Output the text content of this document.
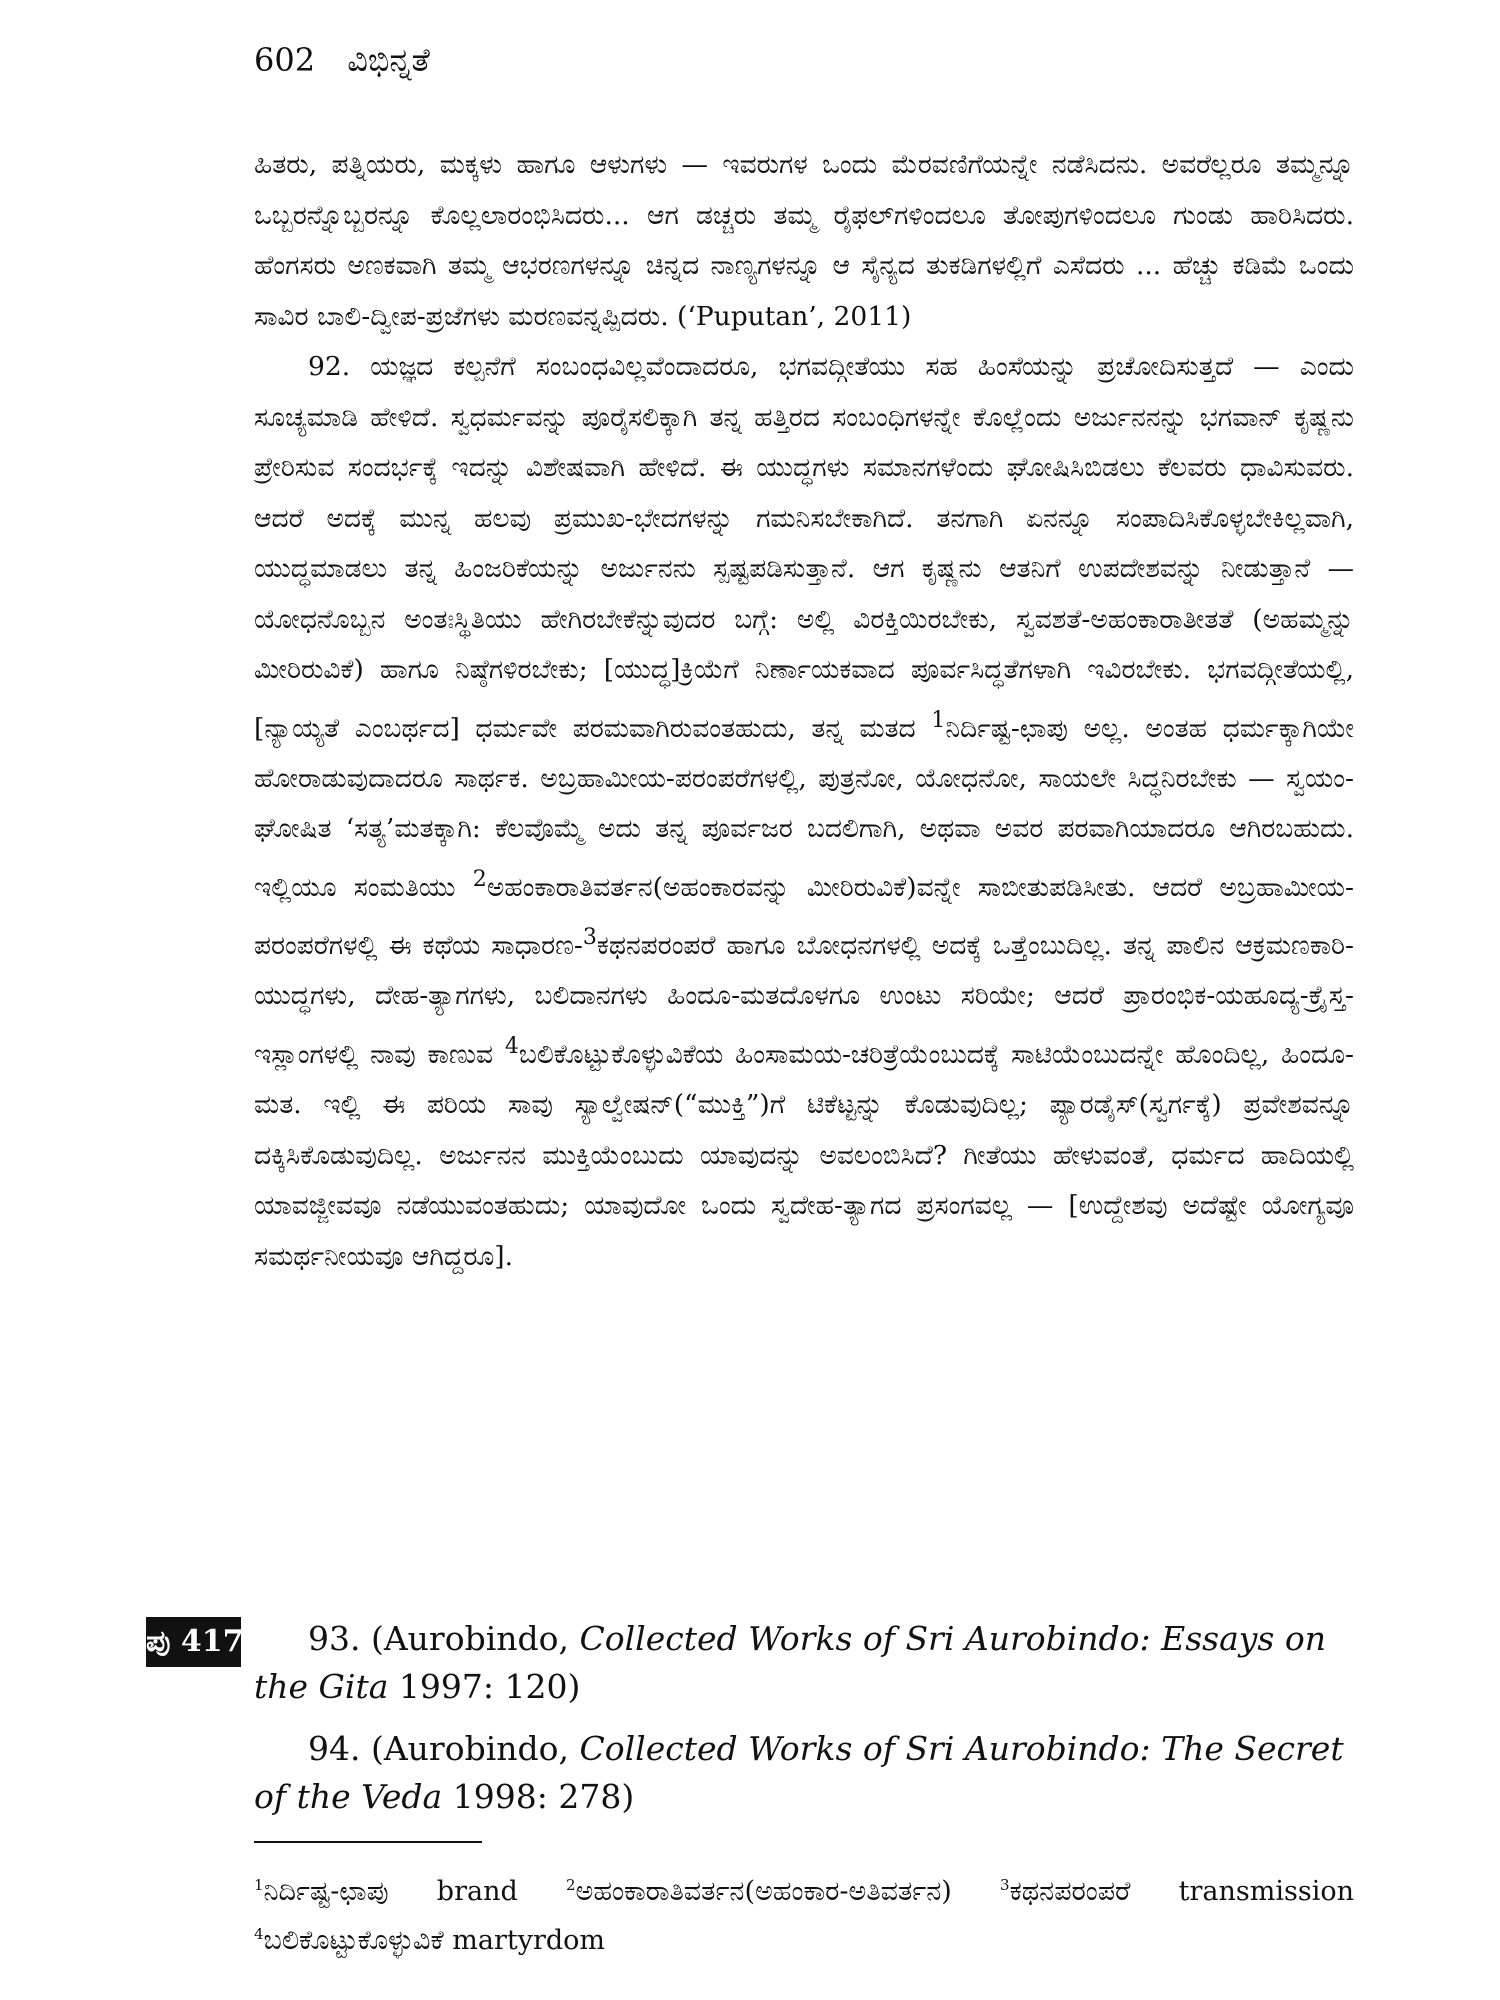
602 ವಿಭಿನ್ನತೆ

ಹಿತರು, ಪತ್ನಿಯರು, ಮಕ್ಕಳು ಹಾಗೂ ಆಳುಗಳು — ಇವರುಗಳ ಒಂದು ಮೆರವಣಿಗೆಯನ್ನೇ ನಡೆಸಿದನು. ಅವರೆಲ್ಲರೂ ತಮ್ಮನ್ನೂ ಒಬ್ಬರನ್ನೊಬ್ಬರನ್ನೂ ಕೊಲ್ಲಲಾರಂಭಿಸಿದರು... ಆಗ ಡಚ್ಚರು ತಮ್ಮ ರೈಫಲ್‌ಗಳಿಂದಲೂ ತೋಪುಗಳಿಂದಲೂ ಗುಂಡು ಹಾರಿಸಿದರು. ಹೆಂಗಸರು ಅಣಕವಾಗಿ ತಮ್ಮ ಆಭರಣಗಳನ್ನೂ ಚಿನ್ನದ ನಾಣ್ಯಗಳನ್ನೂ ಆ ಸೈನ್ಯದ ತುಕಡಿಗಳಲ್ಲಿಗೆ ಎಸೆದರು ... ಹೆಚ್ಚು ಕಡಿಮೆ ಒಂದು ಸಾವಿರ ಬಾಲಿ-ದ್ವೀಪ-ಪ್ರಜೆಗಳು ಮರಣವನ್ನಪ್ಪಿದರು. (‘Puputan’, 2011)

92. ಯಜ್ಞದ ಕಲ್ಪನೆಗೆ ಸಂಬಂಧವಿಲ್ಲವೆಂದಾದರೂ, ಭಗವದ್ಗೀತೆಯು ಸಹ ಹಿಂಸೆಯನ್ನು ಪ್ರಚೋದಿಸುತ್ತದೆ — ಎಂದು ಸೂಚ್ಯಮಾಡಿ ಹೇಳಿದೆ. ಸ್ವಧರ್ಮವನ್ನು ಪೂರೈಸಲಿಕ್ಕಾಗಿ ತನ್ನ ಹತ್ತಿರದ ಸಂಬಂಧಿಗಳನ್ನೇ ಕೊಲ್ಲೆಂದು ಅರ್ಜುನನನ್ನು ಭಗವಾನ್ ಕೃಷ್ಣನು ಪ್ರೇರಿಸುವ ಸಂದರ್ಭಕ್ಕೆ ಇದನ್ನು ವಿಶೇಷವಾಗಿ ಹೇಳಿದೆ. ಈ ಯುದ್ಧಗಳು ಸಮಾನಗಳೆಂದು ಘೋಷಿಸಿಬಿಡಲು ಕೆಲವರು ಧಾವಿಸುವರು. ಆದರೆ ಅದಕ್ಕೆ ಮುನ್ನ ಹಲವು ಪ್ರಮುಖ-ಭೇದಗಳನ್ನು ಗಮನಿಸಬೇಕಾಗಿದೆ. ತನಗಾಗಿ ಏನನ್ನೂ ಸಂಪಾದಿಸಿಕೊಳ್ಳಬೇಕಿಲ್ಲವಾಗಿ, ಯುದ್ಧಮಾಡಲು ತನ್ನ ಹಿಂಜರಿಕೆಯನ್ನು ಅರ್ಜುನನು ಸ್ಪಷ್ಟಪಡಿಸುತ್ತಾನೆ. ಆಗ ಕೃಷ್ಣನು ಆತನಿಗೆ ಉಪದೇಶವನ್ನು ನೀಡುತ್ತಾನೆ — ಯೋಧನೊಬ್ಬನ ಅಂತಃಸ್ಥಿತಿಯು ಹೇಗಿರಬೇಕೆನ್ನುವುದರ ಬಗ್ಗೆ: ಅಲ್ಲಿ ವಿರಕ್ತಿಯಿರಬೇಕು, ಸ್ವವಶತೆ-ಅಹಂಕಾರಾತೀತತೆ (ಅಹಮ್ಮನ್ನು ಮೀರಿರುವಿಕೆ) ಹಾಗೂ ನಿಷ್ಠೆಗಳಿರಬೇಕು; [ಯುದ್ಧ]ಕ್ರಿಯೆಗೆ ನಿರ್ಣಾಯಕವಾದ ಪೂರ್ವಸಿದ್ಧತೆಗಳಾಗಿ ಇವಿರಬೇಕು. ಭಗವದ್ಗೀತೆಯಲ್ಲಿ, [ನ್ಯಾಯ್ಯತೆ ಎಂಬರ್ಥದ] ಧರ್ಮವೇ ಪರಮವಾಗಿರುವಂತಹುದು, ತನ್ನ ಮತದ $^1$ನಿರ್ದಿಷ್ಟ-ಛಾಪು ಅಲ್ಲ. ಅಂತಹ ಧರ್ಮಕ್ಕಾಗಿಯೇ ಹೋರಾಡುವುದಾದರೂ ಸಾರ್ಥಕ. ಅಬ್ರಹಾಮೀಯ-ಪರಂಪರೆಗಳಲ್ಲಿ, ಪುತ್ರನೋ, ಯೋಧನೋ, ಸಾಯಲೇ ಸಿದ್ಧನಿರಬೇಕು — ಸ್ವಯಂ-ಘೋಷಿತ ‘ಸತ್ಯ’ಮತಕ್ಕಾಗಿ: ಕೆಲವೊಮ್ಮೆ ಅದು ತನ್ನ ಪೂರ್ವಜರ ಬದಲಿಗಾಗಿ, ಅಥವಾ ಅವರ ಪರವಾಗಿಯಾದರೂ ಆಗಿರಬಹುದು. ಇಲ್ಲಿಯೂ ಸಂಮತಿಯು $^2$ಅಹಂಕಾರಾತಿವರ್ತನ(ಅಹಂಕಾರವನ್ನು ಮೀರಿರುವಿಕೆ)ವನ್ನೇ ಸಾಬೀತುಪಡಿಸೀತು. ಆದರೆ ಅಬ್ರಹಾಮೀಯ-ಪರಂಪರೆಗಳಲ್ಲಿ ಈ ಕಥೆಯ ಸಾಧಾರಣ-$^3$ಕಥನಪರಂಪರೆ ಹಾಗೂ ಬೋಧನಗಳಲ್ಲಿ ಅದಕ್ಕೆ ಒತ್ತೆಂಬುದಿಲ್ಲ. ತನ್ನ ಪಾಲಿನ ಆಕ್ರಮಣಕಾರಿ-ಯುದ್ಧಗಳು, ದೇಹ-ತ್ಯಾಗಗಳು, ಬಲಿದಾನಗಳು ಹಿಂದೂ-ಮತದೊಳಗೂ ಉಂಟು ಸರಿಯೇ; ಆದರೆ ಪ್ರಾರಂಭಿಕ-ಯಹೂದ್ಯ-ಕ್ರೈಸ್ತ-ಇಸ್ಲಾಂಗಳಲ್ಲಿ ನಾವು ಕಾಣುವ $^4$ಬಲಿಕೊಟ್ಟುಕೊಳ್ಳುವಿಕೆಯ ಹಿಂಸಾಮಯ-ಚರಿತ್ರೆಯೆಂಬುದಕ್ಕೆ ಸಾಟಿಯೆಂಬುದನ್ನೇ ಹೊಂದಿಲ್ಲ, ಹಿಂದೂ-ಮತ. ಇಲ್ಲಿ ಈ ಪರಿಯ ಸಾವು ಸ್ಯಾಲ್ವೇಷನ್(“ಮುಕ್ತಿ”)ಗೆ ಟಿಕೆಟ್ಟನ್ನು ಕೊಡುವುದಿಲ್ಲ; ಪ್ಯಾರಡೈಸ್(ಸ್ವರ್ಗಕ್ಕೆ) ಪ್ರವೇಶವನ್ನೂ ದಕ್ಕಿಸಿಕೊಡುವುದಿಲ್ಲ. ಅರ್ಜುನನ ಮುಕ್ತಿಯೆಂಬುದು ಯಾವುದನ್ನು ಅವಲಂಬಿಸಿದೆ? ಗೀತೆಯು ಹೇಳುವಂತೆ, ಧರ್ಮದ ಹಾದಿಯಲ್ಲಿ ಯಾವಜ್ಜೀವವೂ ನಡೆಯುವಂತಹುದು; ಯಾವುದೋ ಒಂದು ಸ್ವದೇಹ-ತ್ಯಾಗದ ಪ್ರಸಂಗವಲ್ಲ — [ಉದ್ದೇಶವು ಅದೆಷ್ಟೇ ಯೋಗ್ಯವೂ ಸಮರ್ಥನೀಯವೂ ಆಗಿದ್ದರೂ].

ಪು 417	93. (Aurobindo, Collected Works of Sri Aurobindo: Essays on the Gita 1997: 120)

94. (Aurobindo, Collected Works of Sri Aurobindo: The Secret of the Veda 1998: 278)

$^1$ನಿರ್ದಿಷ್ಟ-ಛಾಪು brand $^2$ಅಹಂಕಾರಾತಿವರ್ತನ(ಅಹಂಕಾರ-ಅತಿವರ್ತನ) $^3$ಕಥನಪರಂಪರೆ transmission $^4$ಬಲಿಕೊಟ್ಟುಕೊಳ್ಳುವಿಕೆ martyrdom
